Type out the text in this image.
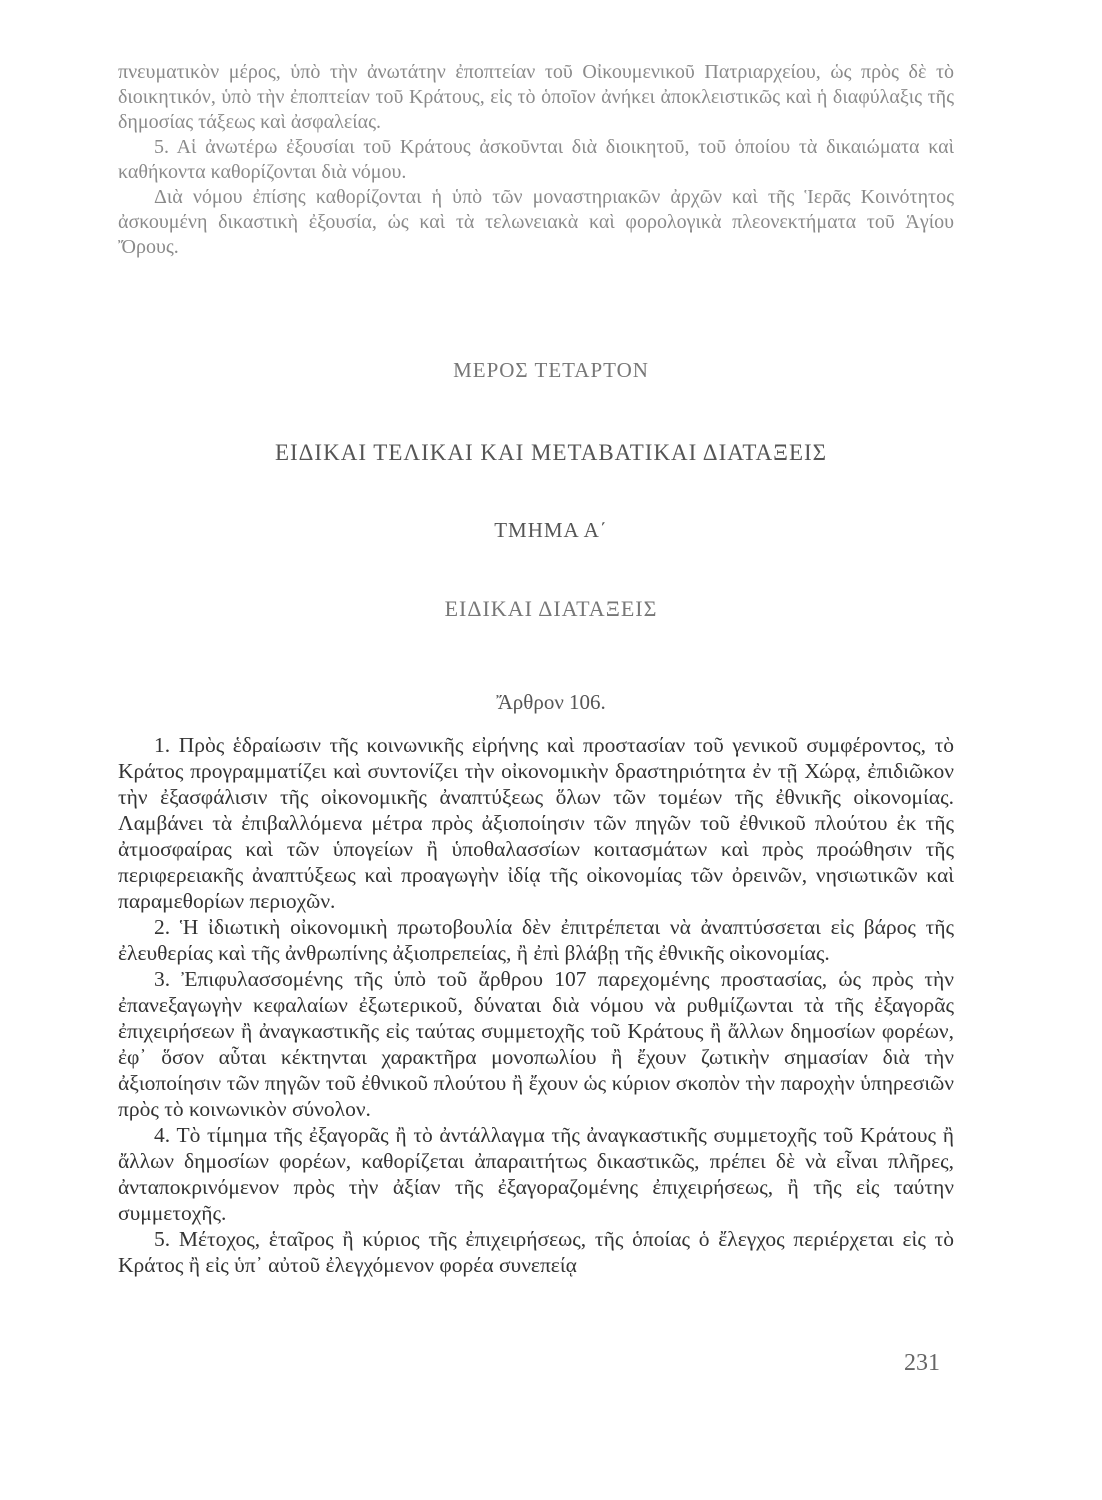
πνευματικὸν μέρος, ὑπὸ τὴν ἀνωτάτην ἐποπτείαν τοῦ Οἰκουμενικοῦ Πατριαρχείου, ὡς πρὸς δὲ τὸ διοικητικόν, ὑπὸ τὴν ἐποπτείαν τοῦ Κράτους, εἰς τὸ ὁποῖον ἀνήκει ἀποκλειστικῶς καὶ ἡ διαφύλαξις τῆς δημοσίας τάξεως καὶ ἀσφαλείας.

5. Αἱ ἀνωτέρω ἐξουσίαι τοῦ Κράτους ἀσκοῦνται διὰ διοικητοῦ, τοῦ ὁποίου τὰ δικαιώματα καὶ καθήκοντα καθορίζονται διὰ νόμου.

Διὰ νόμου ἐπίσης καθορίζονται ἡ ὑπὸ τῶν μοναστηριακῶν ἀρχῶν καὶ τῆς Ἱερᾶς Κοινότητος ἀσκουμένη δικαστικὴ ἐξουσία, ὡς καὶ τὰ τελωνειακὰ καὶ φορολογικὰ πλεονεκτήματα τοῦ Ἁγίου Ὄρους.

ΜΕΡΟΣ ΤΕΤΑΡΤΟΝ
ΕΙΔΙΚΑΙ ΤΕΛΙΚΑΙ ΚΑΙ ΜΕΤΑΒΑΤΙΚΑΙ ΔΙΑΤΑΞΕΙΣ
ΤΜΗΜΑ Α΄
ΕΙΔΙΚΑΙ ΔΙΑΤΑΞΕΙΣ
Ἄρθρον 106.

1. Πρὸς ἑδραίωσιν τῆς κοινωνικῆς εἰρήνης καὶ προστασίαν τοῦ γενικοῦ συμφέροντος, τὸ Κράτος προγραμματίζει καὶ συντονίζει τὴν οἰκονομικὴν δραστηριότητα ἐν τῇ Χώρᾳ, ἐπιδιῶκον τὴν ἐξασφάλισιν τῆς οἰκονομικῆς ἀναπτύξεως ὅλων τῶν τομέων τῆς ἐθνικῆς οἰκονομίας. Λαμβάνει τὰ ἐπιβαλλόμενα μέτρα πρὸς ἀξιοποίησιν τῶν πηγῶν τοῦ ἐθνικοῦ πλούτου ἐκ τῆς ἀτμοσφαίρας καὶ τῶν ὑπογείων ἢ ὑποθαλασσίων κοιτασμάτων καὶ πρὸς προώθησιν τῆς περιφερειακῆς ἀναπτύξεως καὶ προαγωγὴν ἰδίᾳ τῆς οἰκονομίας τῶν ὀρεινῶν, νησιωτικῶν καὶ παραμεθορίων περιοχῶν.

2. Ἡ ἰδιωτικὴ οἰκονομικὴ πρωτοβουλία δὲν ἐπιτρέπεται νὰ ἀναπτύσσεται εἰς βάρος τῆς ἐλευθερίας καὶ τῆς ἀνθρωπίνης ἀξιοπρεπείας, ἢ ἐπὶ βλάβῃ τῆς ἐθνικῆς οἰκονομίας.

3. Ἐπιφυλασσομένης τῆς ὑπὸ τοῦ ἄρθρου 107 παρεχομένης προστασίας, ὡς πρὸς τὴν ἐπανεξαγωγὴν κεφαλαίων ἐξωτερικοῦ, δύναται διὰ νόμου νὰ ρυθμίζωνται τὰ τῆς ἐξαγορᾶς ἐπιχειρήσεων ἢ ἀναγκαστικῆς εἰς ταύτας συμμετοχῆς τοῦ Κράτους ἢ ἄλλων δημοσίων φορέων, ἐφ᾽ ὅσον αὗται κέκτηνται χαρακτῆρα μονοπωλίου ἢ ἔχουν ζωτικὴν σημασίαν διὰ τὴν ἀξιοποίησιν τῶν πηγῶν τοῦ ἐθνικοῦ πλούτου ἢ ἔχουν ὡς κύριον σκοπὸν τὴν παροχὴν ὑπηρεσιῶν πρὸς τὸ κοινωνικὸν σύνολον.

4. Τὸ τίμημα τῆς ἐξαγορᾶς ἢ τὸ ἀντάλλαγμα τῆς ἀναγκαστικῆς συμμετοχῆς τοῦ Κράτους ἢ ἄλλων δημοσίων φορέων, καθορίζεται ἀπαραιτήτως δικαστικῶς, πρέπει δὲ νὰ εἶναι πλῆρες, ἀνταποκρινόμενον πρὸς τὴν ἀξίαν τῆς ἐξαγοραζομένης ἐπιχειρήσεως, ἢ τῆς εἰς ταύτην συμμετοχῆς.

5. Μέτοχος, ἑταῖρος ἢ κύριος τῆς ἐπιχειρήσεως, τῆς ὁποίας ὁ ἔλεγχος περιέρχεται εἰς τὸ Κράτος ἢ εἰς ὑπ᾽ αὐτοῦ ἐλεγχόμενον φορέα συνεπείᾳ

231
